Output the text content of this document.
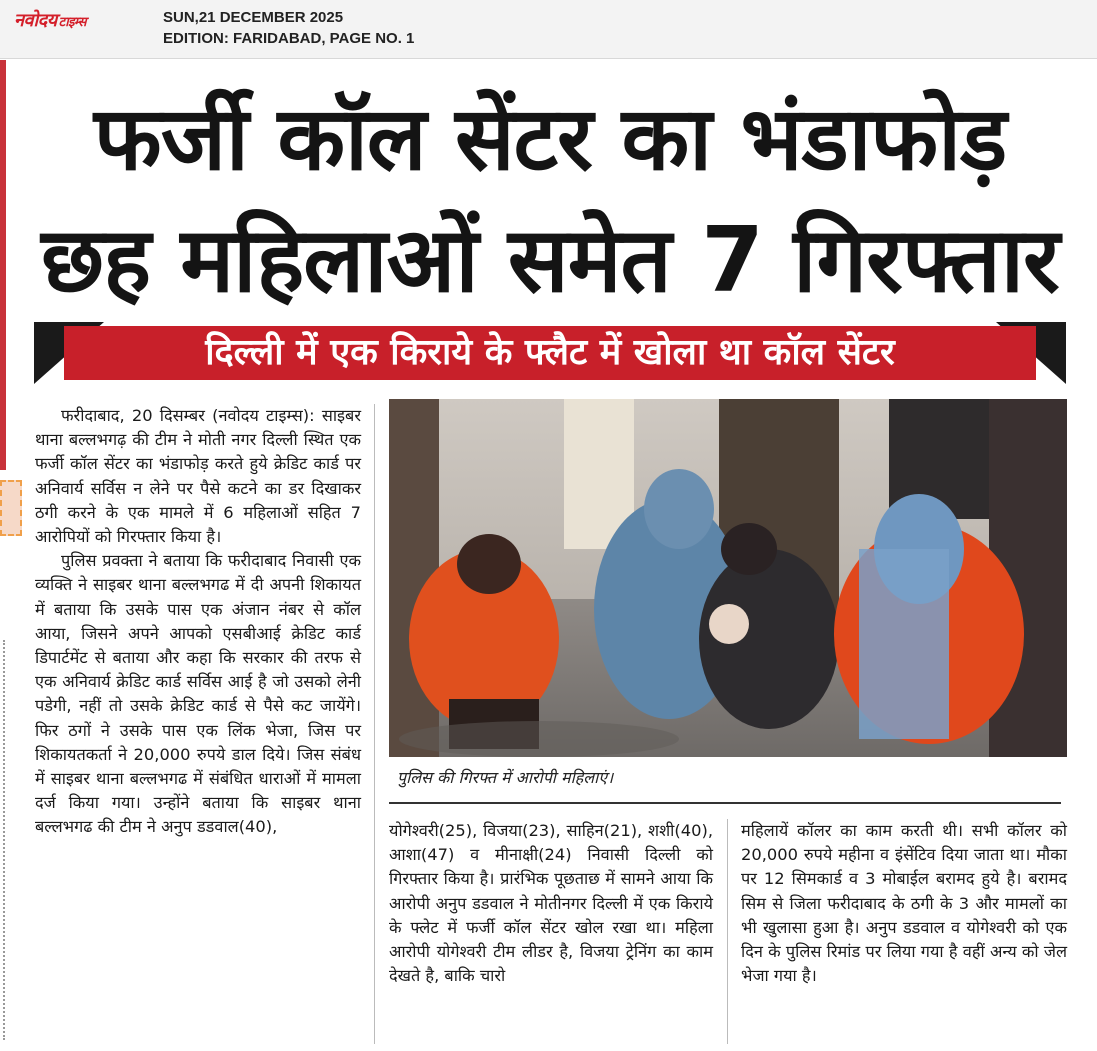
नवोदय टाइम्स	SUN,21 DECEMBER 2025
EDITION: FARIDABAD, PAGE NO. 1
फर्जी कॉल सेंटर का भंडाफोड़
छह महिलाओं समेत 7 गिरफ्तार
दिल्ली में एक किराये के फ्लैट में खोला था कॉल सेंटर

फरीदाबाद, 20 दिसम्बर (नवोदय टाइम्स): साइबर थाना बल्लभगढ़ की टीम ने मोती नगर दिल्ली स्थित एक फर्जी कॉल सेंटर का भंडाफोड़ करते हुये क्रेडिट कार्ड पर अनिवार्य सर्विस न लेने पर पैसे कटने का डर दिखाकर ठगी करने के एक मामले में 6 महिलाओं सहित 7 आरोपियों को गिरफ्तार किया है।

पुलिस प्रवक्ता ने बताया कि फरीदाबाद निवासी एक व्यक्ति ने साइबर थाना बल्लभगढ में दी अपनी शिकायत में बताया कि उसके पास एक अंजान नंबर से कॉल आया, जिसने अपने आपको एसबीआई क्रेडिट कार्ड डिपार्टमेंट से बताया और कहा कि सरकार की तरफ से एक अनिवार्य क्रेडिट कार्ड सर्विस आई है जो उसको लेनी पडेगी, नहीं तो उसके क्रेडिट कार्ड से पैसे कट जायेंगे। फिर ठगों ने उसके पास एक लिंक भेजा, जिस पर शिकायतकर्ता ने 20,000 रुपये डाल दिये। जिस संबंध में साइबर थाना बल्लभगढ में संबंधित धाराओं में मामला दर्ज किया गया। उन्होंने बताया कि साइबर थाना बल्लभगढ की टीम ने अनुप डडवाल(40),

पुलिस की गिरफ्त में आरोपी महिलाएं।
योगेश्वरी(25), विजया(23), साहिन(21), शशी(40), आशा(47) व मीनाक्षी(24) निवासी दिल्ली को गिरफ्तार किया है। प्रारंभिक पूछताछ में सामने आया कि आरोपी अनुप डडवाल ने मोतीनगर दिल्ली में एक किराये के फ्लेट में फर्जी कॉल सेंटर खोल रखा था। महिला आरोपी योगेश्वरी टीम लीडर है, विजया ट्रेनिंग का काम देखते है, बाकि चारो
महिलायें कॉलर का काम करती थी। सभी कॉलर को 20,000 रुपये महीना व इंसेंटिव दिया जाता था। मौका पर 12 सिमकार्ड व 3 मोबाईल बरामद हुये है। बरामद सिम से जिला फरीदाबाद के ठगी के 3 और मामलों का भी खुलासा हुआ है। अनुप डडवाल व योगेश्वरी को एक दिन के पुलिस रिमांड पर लिया गया है वहीं अन्य को जेल भेजा गया है।
